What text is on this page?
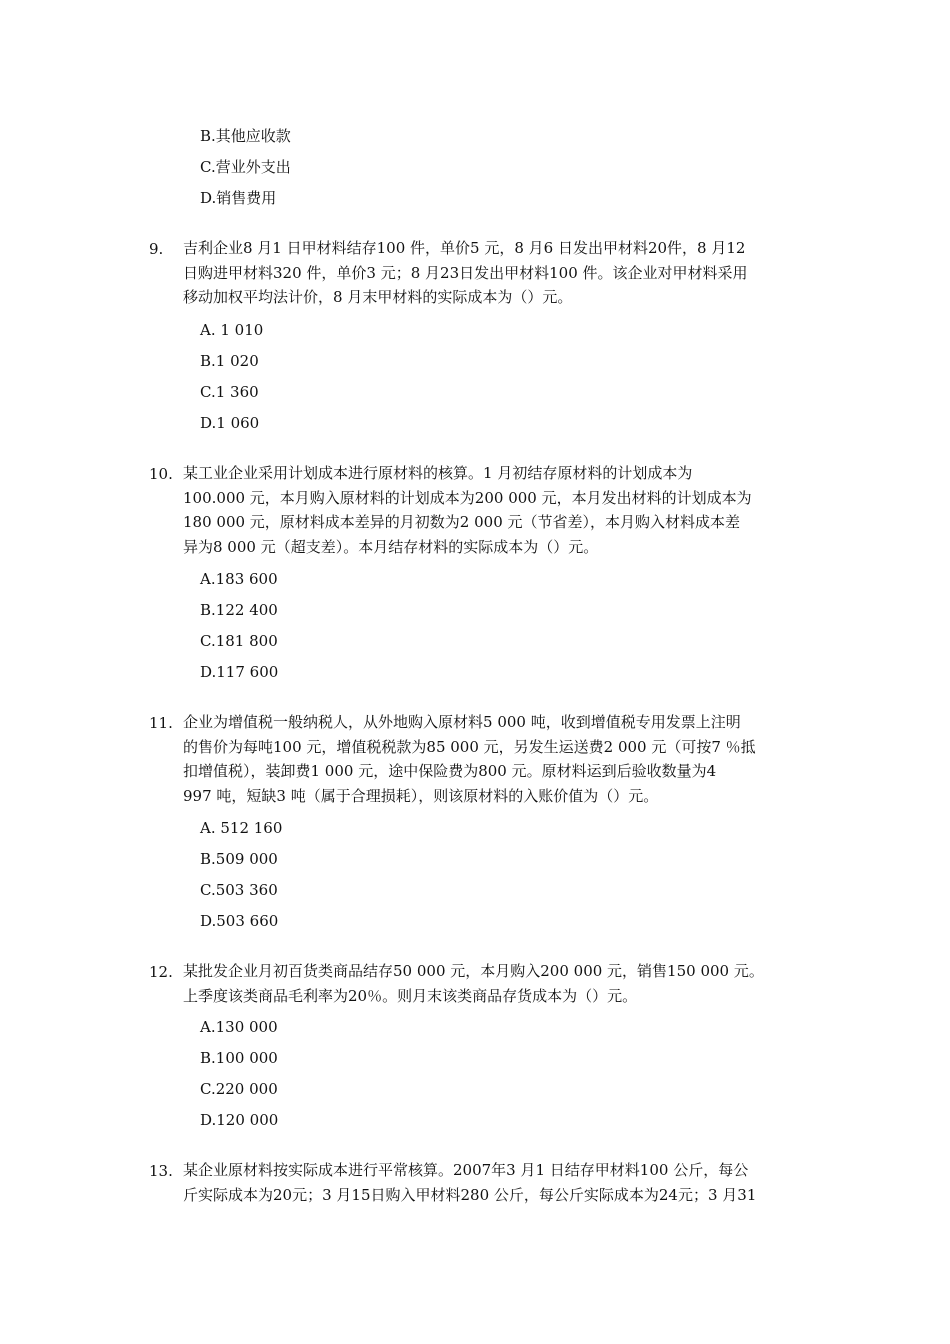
B.其他应收款
C.营业外支出
D.销售费用
9. 吉利企业8 月1 日甲材料结存100 件，单价5 元，8 月6 日发出甲材料20件，8 月12

日购进甲材料320 件，单价3 元；8 月23日发出甲材料100 件。该企业对甲材料采用

移动加权平均法计价，8 月末甲材料的实际成本为（）元。

A. 1 010
B.1 020
C.1 360
D.1 060
10. 某工业企业采用计划成本进行原材料的核算。1 月初结存原材料的计划成本为

100.000 元，本月购入原材料的计划成本为200 000 元，本月发出材料的计划成本为

180 000 元，原材料成本差异的月初数为2 000 元（节省差），本月购入材料成本差

异为8 000 元（超支差）。本月结存材料的实际成本为（）元。

A.183 600
B.122 400
C.181 800
D.117 600
11. 企业为增值税一般纳税人，从外地购入原材料5 000 吨，收到增值税专用发票上注明

的售价为每吨100 元，增值税税款为85 000 元，另发生运送费2 000 元（可按7 ％抵

扣增值税），装卸费1 000 元，途中保险费为800 元。原材料运到后验收数量为4

997 吨，短缺3 吨（属于合理损耗），则该原材料的入账价值为（）元。

A. 512 160
B.509 000
C.503 360
D.503 660
12. 某批发企业月初百货类商品结存50 000 元，本月购入200 000 元，销售150 000 元。

上季度该类商品毛利率为20％。则月末该类商品存货成本为（）元。

A.130 000
B.100 000
C.220 000
D.120 000
13. 某企业原材料按实际成本进行平常核算。2007年3 月1 日结存甲材料100 公斤，每公

斤实际成本为20元；3 月15日购入甲材料280 公斤，每公斤实际成本为24元；3 月31
